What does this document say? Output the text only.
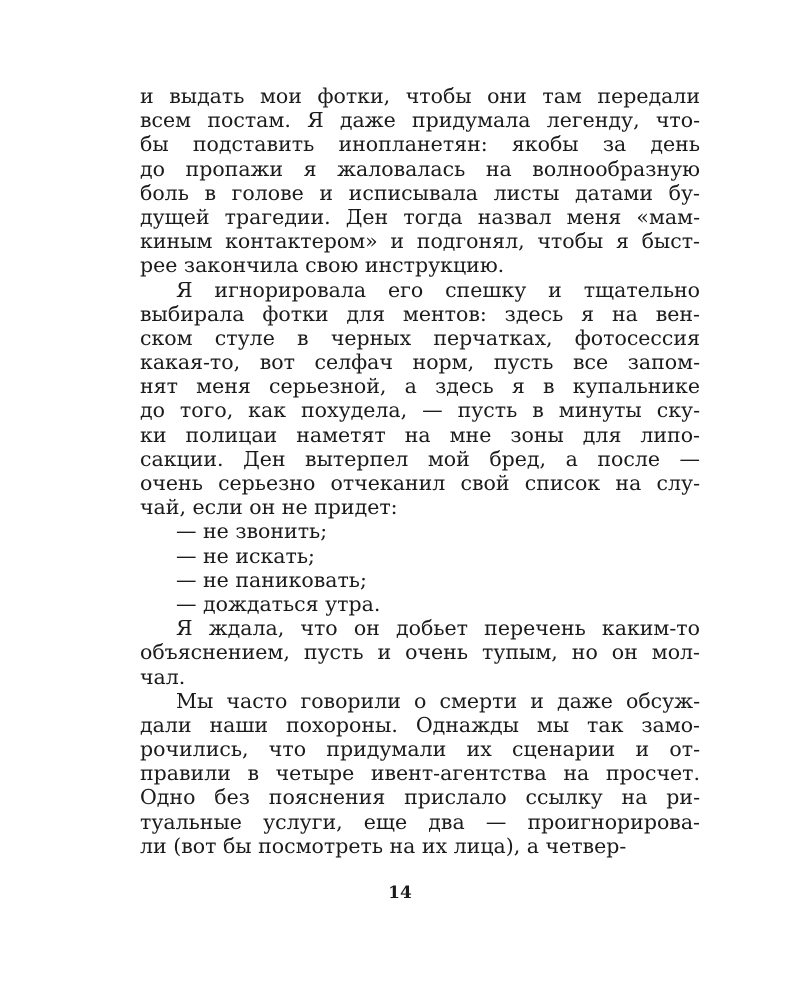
и выдать мои фотки, чтобы они там передали
всем постам. Я даже придумала легенду, что-
бы подставить инопланетян: якобы за день
до пропажи я жаловалась на волнообразную
боль в голове и исписывала листы датами бу-
дущей трагедии. Ден тогда назвал меня «мам-
киным контактером» и подгонял, чтобы я быст-
рее закончила свою инструкцию.
Я игнорировала его спешку и тщательно
выбирала фотки для ментов: здесь я на вен-
ском стуле в черных перчатках, фотосессия
какая-то, вот селфач норм, пусть все запом-
нят меня серьезной, а здесь я в купальнике
до того, как похудела, — пусть в минуты ску-
ки полицаи наметят на мне зоны для липо-
сакции. Ден вытерпел мой бред, а после —
очень серьезно отчеканил свой список на слу-
чай, если он не придет:
— не звонить;
— не искать;
— не паниковать;
— дождаться утра.
Я ждала, что он добьет перечень каким-то
объяснением, пусть и очень тупым, но он мол-
чал.
Мы часто говорили о смерти и даже обсуж-
дали наши похороны. Однажды мы так замо-
рочились, что придумали их сценарии и от-
правили в четыре ивент-агентства на просчет.
Одно без пояснения прислало ссылку на ри-
туальные услуги, еще два — проигнорирова-
ли (вот бы посмотреть на их лица), а четвер-
14
